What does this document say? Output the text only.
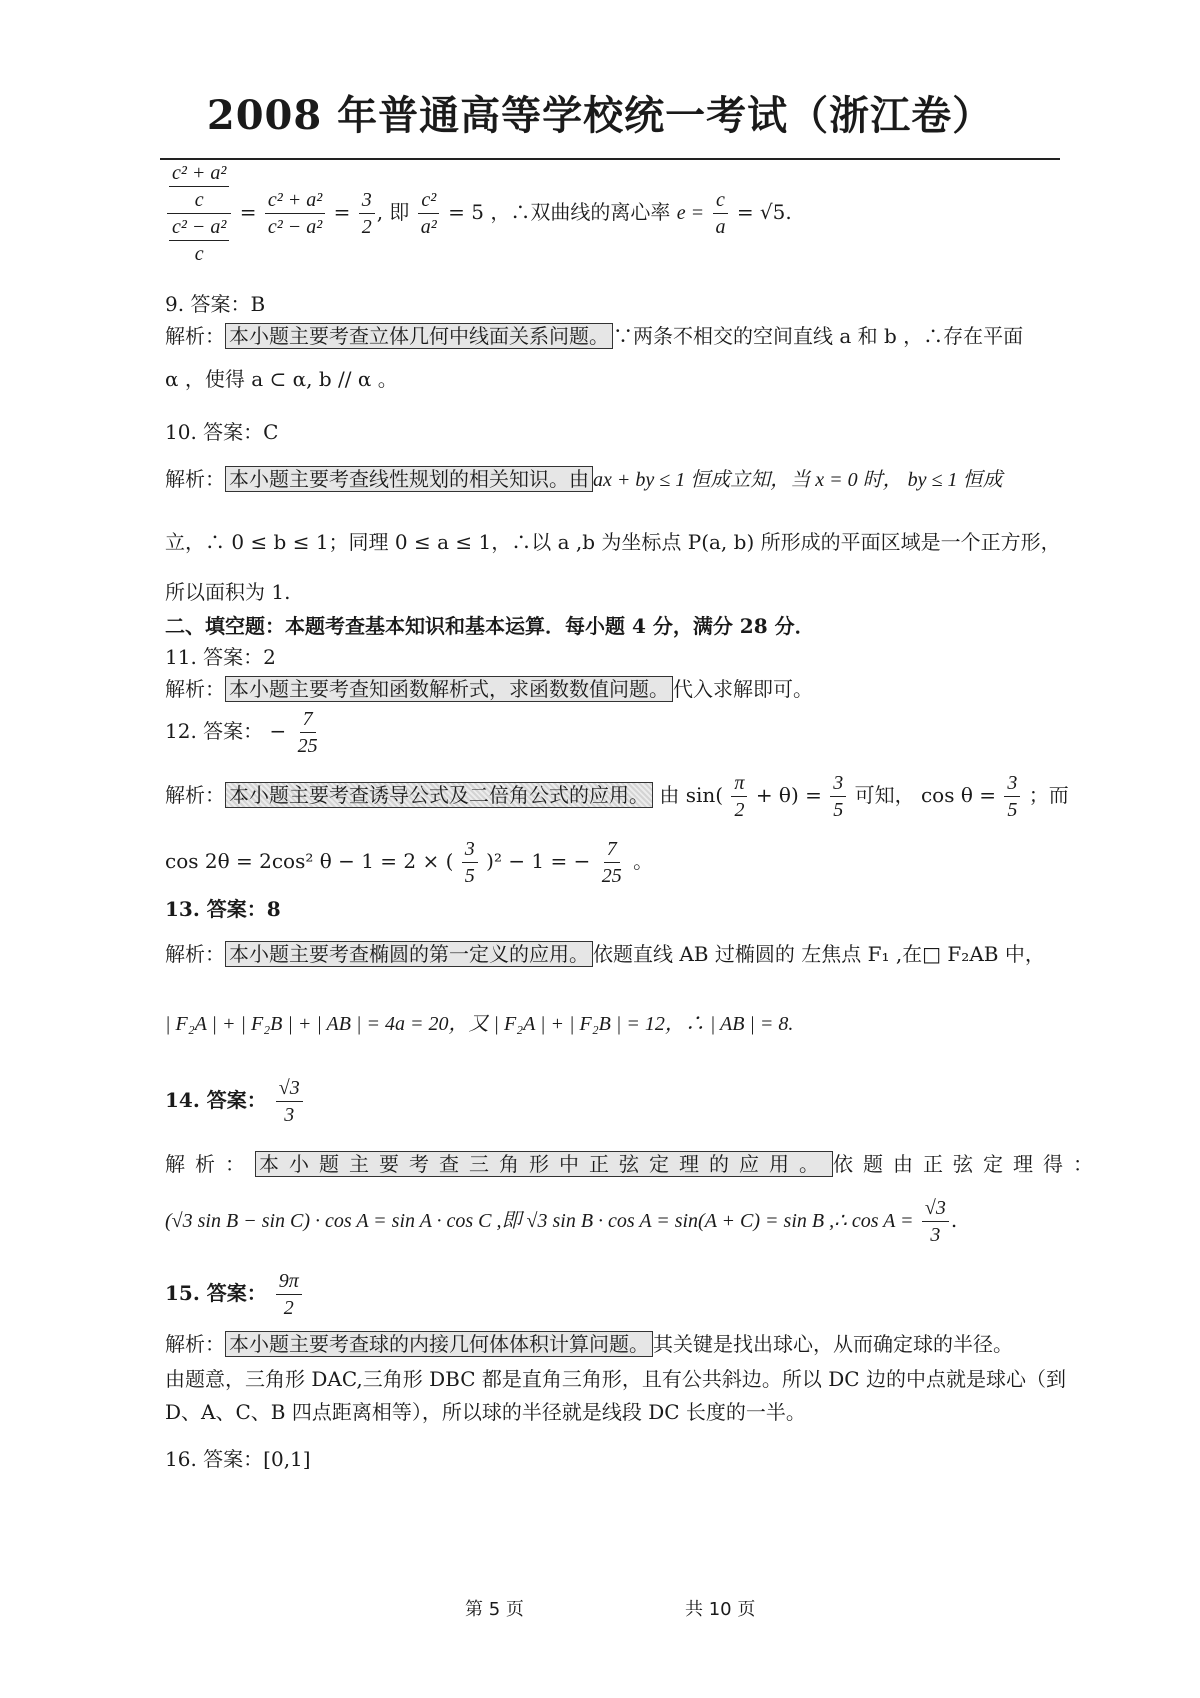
2008 年普通高等学校统一考试（浙江卷）
$\frac{\frac{\text{c² + a²}}{c}}{\frac{\text{c² − a²}}{c}} = \frac{\text{c² + a²}}{\text{c² − a²}} = \frac{3}{2}$ , 即 $\frac{\text{c²}}{\text{a²}} = 5$ ，∴双曲线的离心率 $e = \frac{c}{a} = √5$.
9. 答案：B
解析： 本小题主要考查立体几何中线面关系问题。 ∵两条不相交的空间直线 a 和 b ，∴存在平面
α ，使得 a ⊂ α, b // α 。
10. 答案：C
解析： 本小题主要考查线性规划的相关知识。由 ax + by ≤ 1 恒成立知，当 x = 0 时， by ≤ 1 恒成
立，∴ 0 ≤ b ≤ 1；同理 0 ≤ a ≤ 1，∴以 a ,b 为坐标点 P(a, b) 所形成的平面区域是一个正方形，
所以面积为 1.
二、填空题：本题考查基本知识和基本运算．每小题 4 分，满分 28 分．
11. 答案：2
解析： 本小题主要考查知函数解析式，求函数数值问题。 代入求解即可。
12. 答案： − $\frac{7}{25}$
解析： 本小题主要考查诱导公式及二倍角公式的应用。 由 $\sin( \frac{\pi}{2} + \theta) = \frac{3}{5}$ 可知， $\cos \theta = \frac{3}{5}$ ；而
cos 2θ = 2cos² θ − 1 = 2 × ( $\frac{3}{5} )^2 - 1$ = − $\frac{7}{25}$ 。
13. 答案：8
解析： 本小题主要考查椭圆的第一定义的应用。 依题直线 AB 过椭圆的 左焦点 F₁ ,在□ F₂AB 中，
| F₂A | + | F₂B | + | AB | = 4a = 20，又 | F₂A | + | F₂B | = 12，∴ | AB | = 8.
14. 答案： $\frac{√3}{3}$
解析： 本小题主要考查三角形中正弦定理的应用。 依题由正弦定理得：
(√3 sin B − sin C) · cos A = sin A · cos C ,即 √3 sin B · cos A = sin(A + C) = sin B ,∴ $\cos A = \frac{√3}{3}$ .
15. 答案： $\frac{9\pi}{2}$
解析： 本小题主要考查球的内接几何体体积计算问题。 其关键是找出球心，从而确定球的半径。
由题意，三角形 DAC,三角形 DBC 都是直角三角形，且有公共斜边。所以 DC 边的中点就是球心（到
D、A、C、B 四点距离相等），所以球的半径就是线段 DC 长度的一半。
16. 答案：[0,1]
第 5 页	共 10 页
